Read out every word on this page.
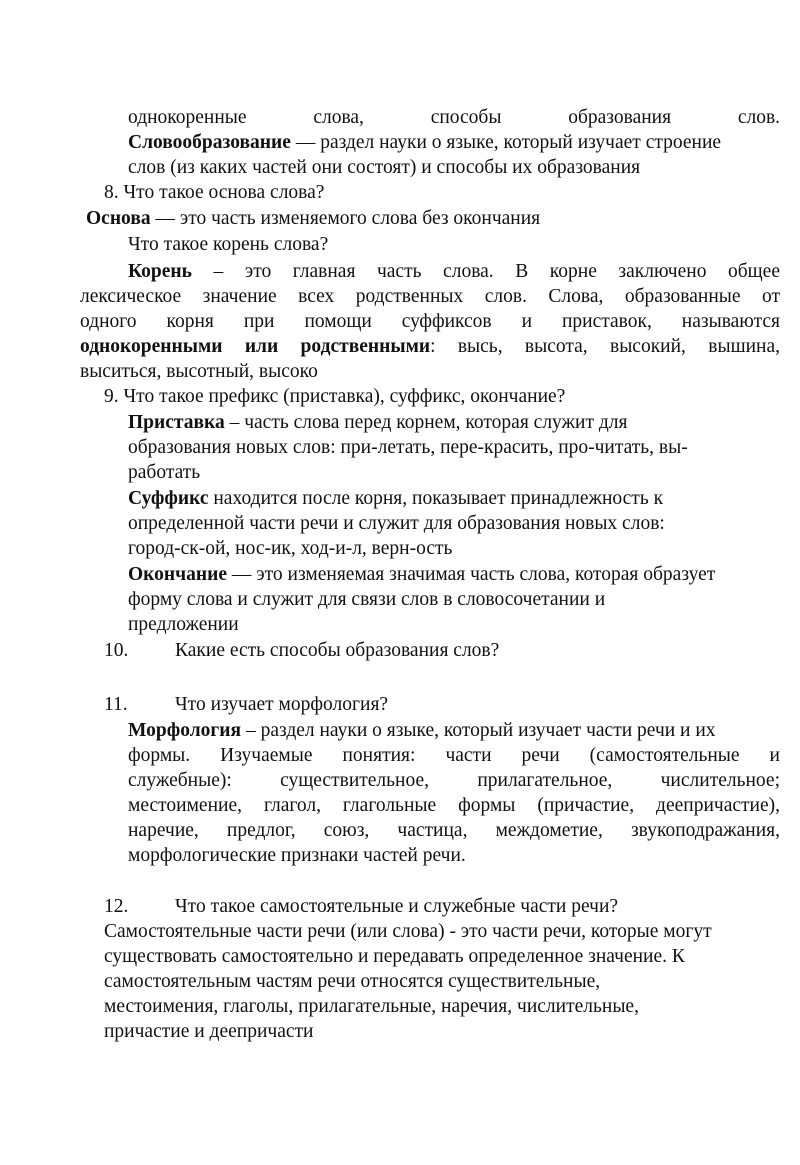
однокоренные	слова,	способы	образования	слов.
Словообразование — раздел науки о языке, который изучает строение
слов (из каких частей они состоят) и способы их образования
8. Что такое основа слова?
Основа — это часть изменяемого слова без окончания
Что такое корень слова?
Корень – это главная часть слова. В корне заключено общее
лексическое значение всех родственных слов. Слова, образованные от
одного корня при помощи суффиксов и приставок, называются
однокоренными или родственными: высь, высота, высокий, вышина,
выситься, высотный, высоко
9. Что такое префикс (приставка), суффикс, окончание?
Приставка – часть слова перед корнем, которая служит для
образования новых слов: при-летать, пере-красить, про-читать, вы-
работать
Суффикс находится после корня, показывает принадлежность к
определенной части речи и служит для образования новых слов:
город-ск-ой, нос-ик, ход-и-л, верн-ость
Окончание — это изменяемая значимая часть слова, которая образует
форму слова и служит для связи слов в словосочетании и
предложении
10. Какие есть способы образования слов?
11. Что изучает морфология?
Морфология – раздел науки о языке, который изучает части речи и их
формы. Изучаемые понятия: части речи (самостоятельные и
служебные): существительное, прилагательное, числительное;
местоимение, глагол, глагольные формы (причастие, деепричастие),
наречие, предлог, союз, частица, междометие, звукоподражания,
морфологические признаки частей речи.
12. Что такое самостоятельные и служебные части речи?
Самостоятельные части речи (или слова) - это части речи, которые могут
существовать самостоятельно и передавать определенное значение. К
самостоятельным частям речи относятся существительные,
местоимения, глаголы, прилагательные, наречия, числительные,
причастие и деепричасти
